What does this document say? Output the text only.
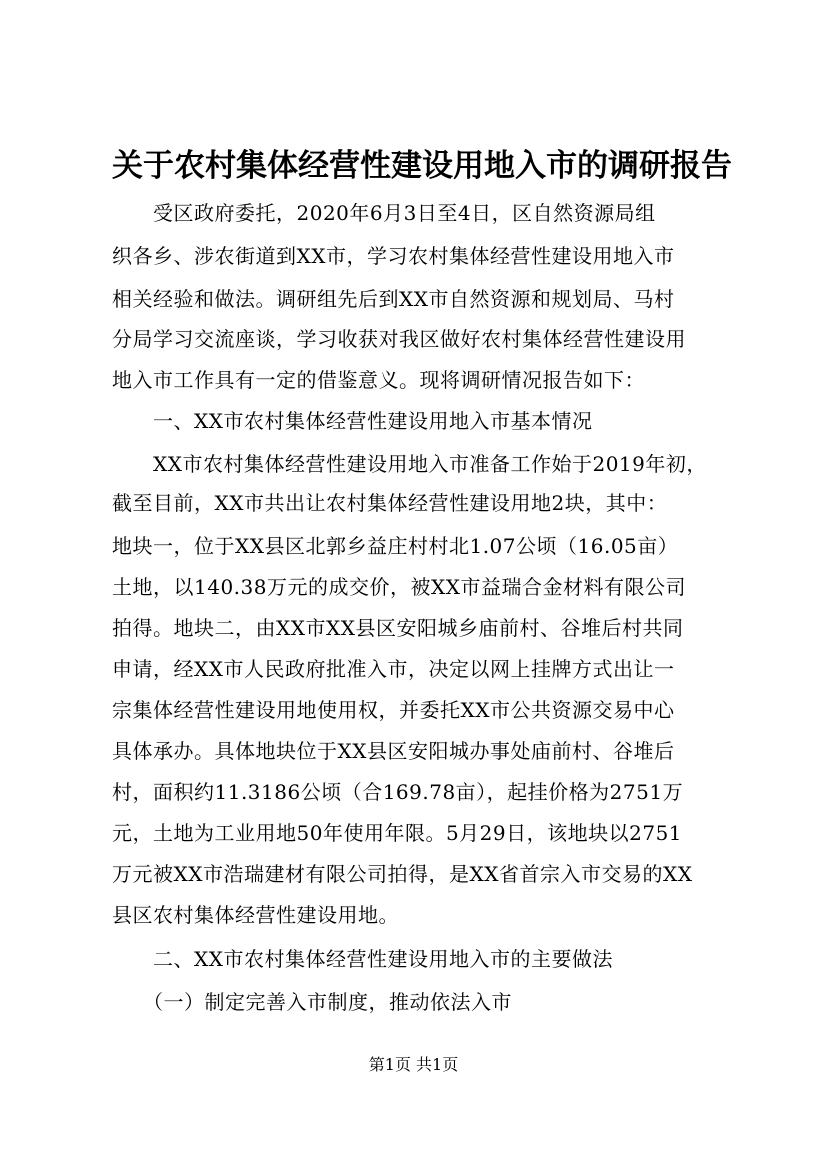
关于农村集体经营性建设用地入市的调研报告
　　受区政府委托，2020年6月3日至4日，区自然资源局组
织各乡、涉农街道到XX市，学习农村集体经营性建设用地入市
相关经验和做法。调研组先后到XX市自然资源和规划局、马村
分局学习交流座谈，学习收获对我区做好农村集体经营性建设用
地入市工作具有一定的借鉴意义。现将调研情况报告如下：
　　一、XX市农村集体经营性建设用地入市基本情况
　　XX市农村集体经营性建设用地入市准备工作始于2019年初，
截至目前，XX市共出让农村集体经营性建设用地2块，其中：
地块一，位于XX县区北郭乡益庄村村北1.07公顷（16.05亩）
土地，以140.38万元的成交价，被XX市益瑞合金材料有限公司
拍得。地块二，由XX市XX县区安阳城乡庙前村、谷堆后村共同
申请，经XX市人民政府批准入市，决定以网上挂牌方式出让一
宗集体经营性建设用地使用权，并委托XX市公共资源交易中心
具体承办。具体地块位于XX县区安阳城办事处庙前村、谷堆后
村，面积约11.3186公顷（合169.78亩），起挂价格为2751万
元，土地为工业用地50年使用年限。5月29日，该地块以2751
万元被XX市浩瑞建材有限公司拍得，是XX省首宗入市交易的XX
县区农村集体经营性建设用地。
　　二、XX市农村集体经营性建设用地入市的主要做法
　　（一）制定完善入市制度，推动依法入市
第1页 共1页
